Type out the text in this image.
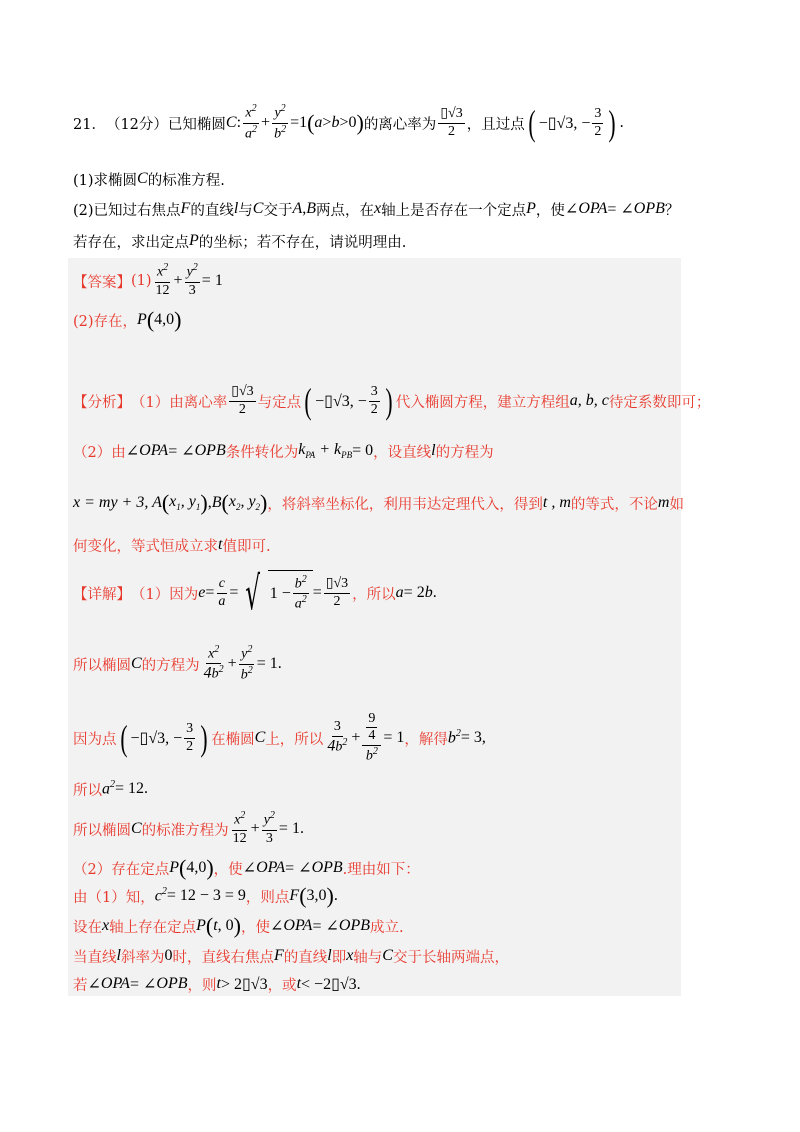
21． （12分） 已知椭圆 C : $\frac{x^2}{a^2} + \frac{y^2}{b^2} =1$ ( a > b >0 ) 的离心率为 $\frac{▯√3}{2}$ ，且过点 ( −▯√3, − $\frac{3}{2}$ ) .
(1)求椭圆 C 的标准方程.
(2)已知过右焦点 F 的直线 l 与 C 交于 A , B 两点，在 x 轴上是否存在一个定点 P ，使 ∠ OPA = ∠ OPB ？
若存在，求出定点 P 的坐标；若不存在，请说明理由.
【答案】 $(1) \frac{x^2}{12} + \frac{y^2}{3} = 1$
(2)存在， P ( 4,0 )
【分析】 （1）由离心率 $\frac{▯√3}{2}$ 与定点 ( −▯√3, − $\frac{3}{2}$ ) 代入椭圆方程，建立方程组 a, b, c 待定系数即可；
（2）由 ∠ OPA = ∠ OPB 条件转化为 $k_{PA} + k_{PB} = 0$ ，设直线 l 的方程为
x = my + 3, A ( $x_1$, $y_1$ ) , B ( $x_2$, $y_2$ ) ，将斜率坐标化，利用韦达定理代入，得到 t , m 的等式，不论 m 如
何变化，等式恒成立求 t 值即可.
【详解】 （1）因为 $e = \frac{c}{a}$ = √ $1 - \frac{b^2}{a^2} = \frac{▯√3}{2}$ ，所以 a = 2 b .
所以椭圆 C 的方程为 $\frac{x^2}{4b^2} + \frac{y^2}{b^2} = 1$.
因为点 ( −▯√3, − $\frac{3}{2}$ ) 在椭圆 C 上，所以 $\frac{3}{4b^2} + \frac{\frac{9}{4}}{b^2} = 1$ ，解得 $b^2 = 3$,
所以 $a^2 = 12$.
所以椭圆 C 的标准方程为 $\frac{x^2}{12} + \frac{y^2}{3} = 1$.
（2）存在定点 P ( 4,0 ) ，使 ∠ OPA = ∠ OPB .理由如下：
由（1）知， $c^2 = 12 - 3 = 9$ ，则点 F ( 3,0 ) .
设在 x 轴上存在定点 P ( t , 0 ) ，使 ∠ OPA = ∠ OPB 成立.
当直线 l 斜率为 0 时，直线右焦点 F 的直线 l 即 x 轴与 C 交于长轴两端点，
若 ∠ OPA = ∠ OPB ，则 t > 2▯√3 ，或 t < −2▯√3.
